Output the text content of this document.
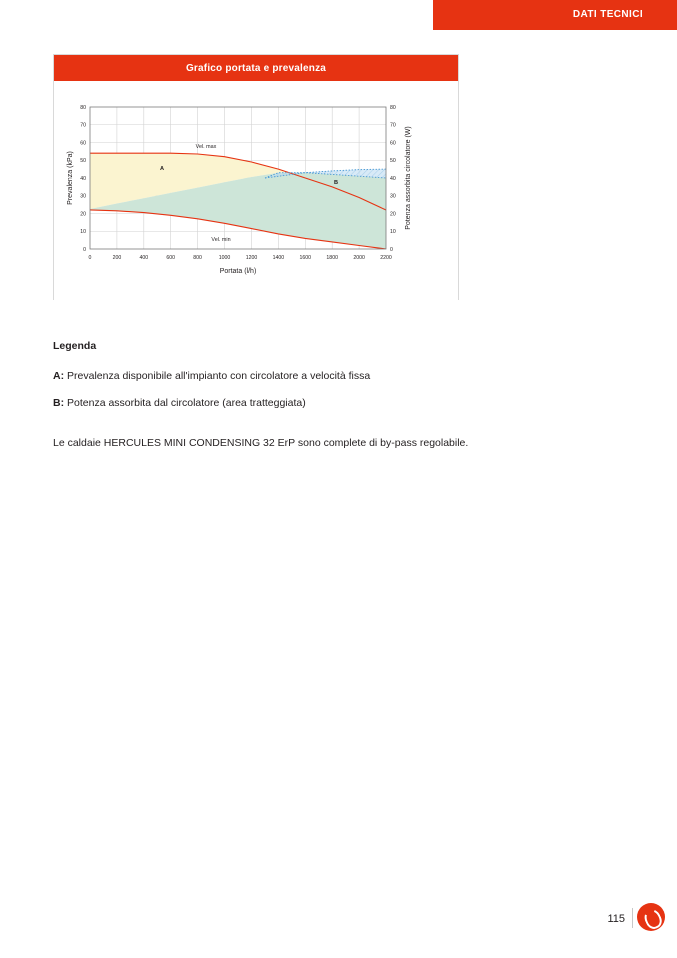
DATI TECNICI
Grafico portata e prevalenza
80
70
60
50
40
30
20
10
0
80
70
60
50
40
30
20
10
0
0	200	400	600	800	1000	1200	1400	1600	1800	2000	2200
Portata (l/h)
Prevalenza (kPa)	Potenza assorbita circolatore (W)
Vel. max
Vel. min
A
B
Legenda
A: Prevalenza disponibile all'impianto con circolatore a velocità fissa
B: Potenza assorbita dal circolatore (area tratteggiata)
Le caldaie HERCULES MINI CONDENSING 32 ErP sono complete di by-pass regolabile.
115
